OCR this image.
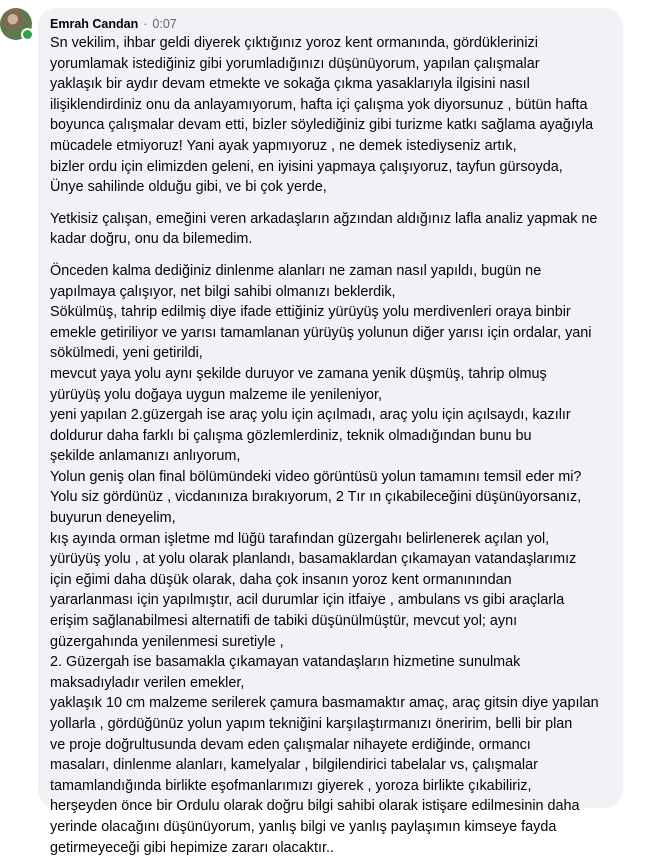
Emrah Candan · 0:07
Sn vekilim, ihbar geldi diyerek çıktığınız yoroz kent ormanında, gördüklerinizi
yorumlamak istediğiniz gibi yorumladığınızı düşünüyorum, yapılan çalışmalar
yaklaşık bir aydır devam etmekte ve sokağa çıkma yasaklarıyla ilgisini nasıl
ilişiklendirdiniz onu da anlayamıyorum, hafta içi çalışma yok diyorsunuz , bütün hafta
boyunca çalışmalar devam etti, bizler söylediğiniz gibi turizme katkı sağlama ayağıyla
mücadele etmiyoruz! Yani ayak yapmıyoruz , ne demek istediyseniz artık,
bizler ordu için elimizden geleni, en iyisini yapmaya çalışıyoruz, tayfun gürsoyda,
Ünye sahilinde olduğu gibi, ve bi çok yerde,
Yetkisiz çalışan, emeğini veren arkadaşların ağzından aldığınız lafla analiz yapmak ne
kadar doğru, onu da bilemedim.
Önceden kalma dediğiniz dinlenme alanları ne zaman nasıl yapıldı, bugün ne
yapılmaya çalışıyor, net bilgi sahibi olmanızı beklerdik,
Sökülmüş, tahrip edilmiş diye ifade ettiğiniz yürüyüş yolu merdivenleri oraya binbir
emekle getiriliyor ve yarısı tamamlanan yürüyüş yolunun diğer yarısı için ordalar, yani
sökülmedi, yeni getirildi,
mevcut yaya yolu aynı şekilde duruyor ve zamana yenik düşmüş, tahrip olmuş
yürüyüş yolu doğaya uygun malzeme ile yenileniyor,
yeni yapılan 2.güzergah ise araç yolu için açılmadı, araç yolu için açılsaydı, kazılır
doldurur daha farklı bi çalışma gözlemlerdiniz, teknik olmadığından bunu bu
şekilde anlamanızı anlıyorum,
Yolun geniş olan final bölümündeki video görüntüsü yolun tamamını temsil eder mi?
Yolu siz gördünüz , vicdanınıza bırakıyorum, 2 Tır ın çıkabileceğini düşünüyorsanız,
buyurun deneyelim,
kış ayında orman işletme md lüğü tarafından güzergahı belirlenerek açılan yol,
yürüyüş yolu , at yolu olarak planlandı, basamaklardan çıkamayan vatandaşlarımız
için eğimi daha düşük olarak, daha çok insanın yoroz kent ormanınından
yararlanması için yapılmıştır, acil durumlar için itfaiye , ambulans vs gibi araçlarla
erişim sağlanabilmesi alternatifi de tabiki düşünülmüştür, mevcut yol; aynı
güzergahında yenilenmesi suretiyle ,
2. Güzergah ise basamakla çıkamayan vatandaşların hizmetine sunulmak
maksadıyladır verilen emekler,
yaklaşık 10 cm malzeme serilerek çamura basmamaktır amaç, araç gitsin diye yapılan
yollarla , gördüğünüz yolun yapım tekniğini karşılaştırmanızı öneririm, belli bir plan
ve proje doğrultusunda devam eden çalışmalar nihayete erdiğinde, ormancı
masaları, dinlenme alanları, kamelyalar , bilgilendirici tabelalar vs, çalışmalar
tamamlandığında birlikte eşofmanlarımızı giyerek , yoroza birlikte çıkabiliriz,
herşeyden önce bir Ordulu olarak doğru bilgi sahibi olarak istişare edilmesinin daha
yerinde olacağını düşünüyorum, yanlış bilgi ve yanlış paylaşımın kimseye fayda
getirmeyeceği gibi hepimize zararı olacaktır..
